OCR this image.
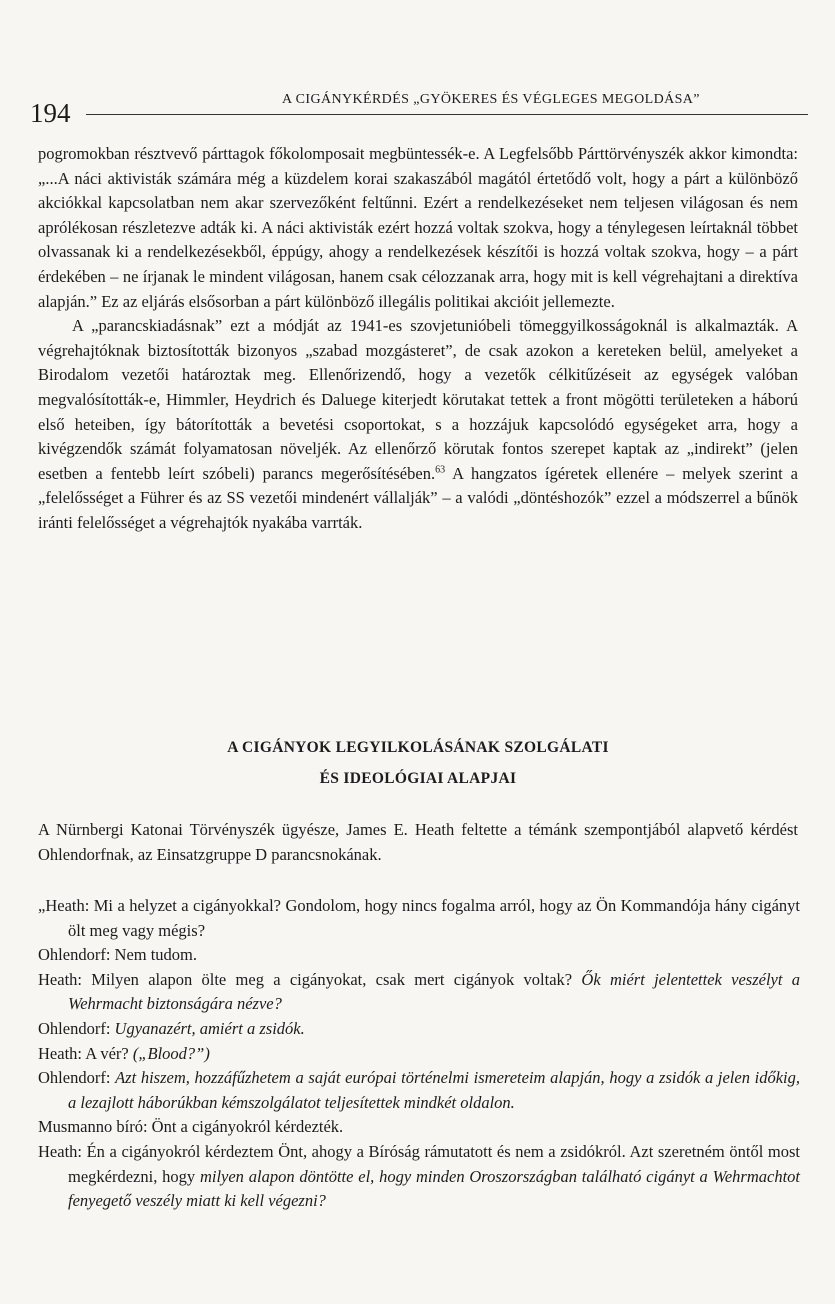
194	A CIGÁNYKÉRDÉS „GYÖKERES ÉS VÉGLEGES MEGOLDÁSA”

pogromokban résztvevő párttagok főkolomposait megbüntessék-e. A Legfelsőbb Párttörvényszék akkor kimondta: „...A náci aktivisták számára még a küzdelem korai szakaszából magától értetődő volt, hogy a párt a különböző akciókkal kapcsolatban nem akar szervezőként feltűnni. Ezért a rendelkezéseket nem teljesen világosan és nem aprólékosan részletezve adták ki. A náci aktivisták ezért hozzá voltak szokva, hogy a ténylegesen leírtaknál többet olvassanak ki a rendelkezésekből, éppúgy, ahogy a rendelkezések készítői is hozzá voltak szokva, hogy – a párt érdekében – ne írjanak le mindent világosan, hanem csak célozzanak arra, hogy mit is kell végrehajtani a direktíva alapján.” Ez az eljárás elsősorban a párt különböző illegális politikai akcióit jellemezte.

A „parancskiadásnak” ezt a módját az 1941-es szovjetunióbeli tömeggyilkosságoknál is alkalmazták. A végrehajtóknak biztosították bizonyos „szabad mozgásteret”, de csak azokon a kereteken belül, amelyeket a Birodalom vezetői határoztak meg. Ellenőrizendő, hogy a vezetők célkitűzéseit az egységek valóban megvalósították-e, Himmler, Heydrich és Daluege kiterjedt körutakat tettek a front mögötti területeken a háború első heteiben, így bátorították a bevetési csoportokat, s a hozzájuk kapcsolódó egységeket arra, hogy a kivégzendők számát folyamatosan növeljék. Az ellenőrző körutak fontos szerepet kaptak az „indirekt” (jelen esetben a fentebb leírt szóbeli) parancs megerősítésében.$^{63}$ A hangzatos ígéretek ellenére – melyek szerint a „felelősséget a Führer és az SS vezetői mindenért vállalják” – a valódi „döntéshozók” ezzel a módszerrel a bűnök iránti felelősséget a végrehajtók nyakába varrták.

A CIGÁNYOK LEGYILKOLÁSÁNAK SZOLGÁLATI
ÉS IDEOLÓGIAI ALAPJAI

A Nürnbergi Katonai Törvényszék ügyésze, James E. Heath feltette a témánk szempontjából alapvető kérdést Ohlendorfnak, az Einsatzgruppe D parancsnokának.

„Heath: Mi a helyzet a cigányokkal? Gondolom, hogy nincs fogalma arról, hogy az Ön Kommandója hány cigányt ölt meg vagy mégis?

Ohlendorf: Nem tudom.

Heath: Milyen alapon ölte meg a cigányokat, csak mert cigányok voltak? Ők miért jelentettek veszélyt a Wehrmacht biztonságára nézve?

Ohlendorf: Ugyanazért, amiért a zsidók.

Heath: A vér? („Blood?”)

Ohlendorf: Azt hiszem, hozzáfűzhetem a saját európai történelmi ismereteim alapján, hogy a zsidók a jelen időkig, a lezajlott háborúkban kémszolgálatot teljesítettek mindkét oldalon.

Musmanno bíró: Önt a cigányokról kérdezték.

Heath: Én a cigányokról kérdeztem Önt, ahogy a Bíróság rámutatott és nem a zsidókról. Azt szeretném öntől most megkérdezni, hogy milyen alapon döntötte el, hogy minden Oroszországban található cigányt a Wehrmachtot fenyegető veszély miatt ki kell végezni?
